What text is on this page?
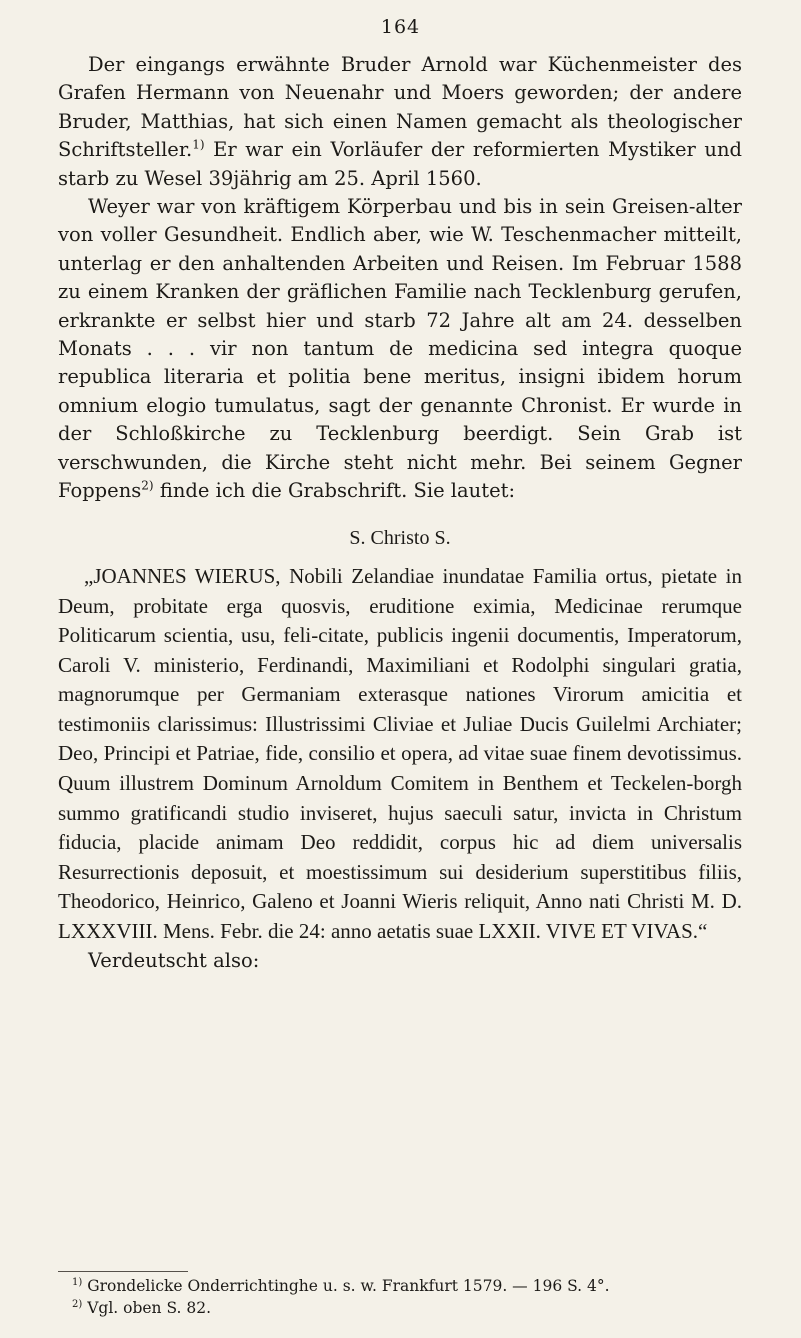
164

Der eingangs erwähnte Bruder Arnold war Küchenmeister des Grafen Hermann von Neuenahr und Moers geworden; der andere Bruder, Matthias, hat sich einen Namen gemacht als theologischer Schriftsteller.$^{1)}$ Er war ein Vorläufer der reformierten Mystiker und starb zu Wesel 39jährig am 25. April 1560.

Weyer war von kräftigem Körperbau und bis in sein Greisen-alter von voller Gesundheit. Endlich aber, wie W. Teschenmacher mitteilt, unterlag er den anhaltenden Arbeiten und Reisen. Im Februar 1588 zu einem Kranken der gräflichen Familie nach Tecklenburg gerufen, erkrankte er selbst hier und starb 72 Jahre alt am 24. desselben Monats . . . vir non tantum de medicina sed integra quoque republica literaria et politia bene meritus, insigni ibidem horum omnium elogio tumulatus, sagt der genannte Chronist. Er wurde in der Schloßkirche zu Tecklenburg beerdigt. Sein Grab ist verschwunden, die Kirche steht nicht mehr. Bei seinem Gegner Foppens$^{2)}$ finde ich die Grabschrift. Sie lautet:

S. Christo S.

„JOANNES WIERUS, Nobili Zelandiae inundatae Familia ortus, pietate in Deum, probitate erga quosvis, eruditione eximia, Medicinae rerumque Politicarum scientia, usu, feli-citate, publicis ingenii documentis, Imperatorum, Caroli V. ministerio, Ferdinandi, Maximiliani et Rodolphi singulari gratia, magnorumque per Germaniam exterasque nationes Virorum amicitia et testimoniis clarissimus: Illustrissimi Cliviae et Juliae Ducis Guilelmi Archiater; Deo, Principi et Patriae, fide, consilio et opera, ad vitae suae finem devotissimus. Quum illustrem Dominum Arnoldum Comitem in Benthem et Teckelen-borgh summo gratificandi studio inviseret, hujus saeculi satur, invicta in Christum fiducia, placide animam Deo reddidit, corpus hic ad diem universalis Resurrectionis deposuit, et moestissimum sui desiderium superstitibus filiis, Theodorico, Heinrico, Galeno et Joanni Wieris reliquit, Anno nati Christi M. D. LXXXVIII. Mens. Febr. die 24: anno aetatis suae LXXII. VIVE ET VIVAS.“

Verdeutscht also:

$^{1)}$ Grondelicke Onderrichtinghe u. s. w. Frankfurt 1579. — 196 S. 4°.

$^{2)}$ Vgl. oben S. 82.
